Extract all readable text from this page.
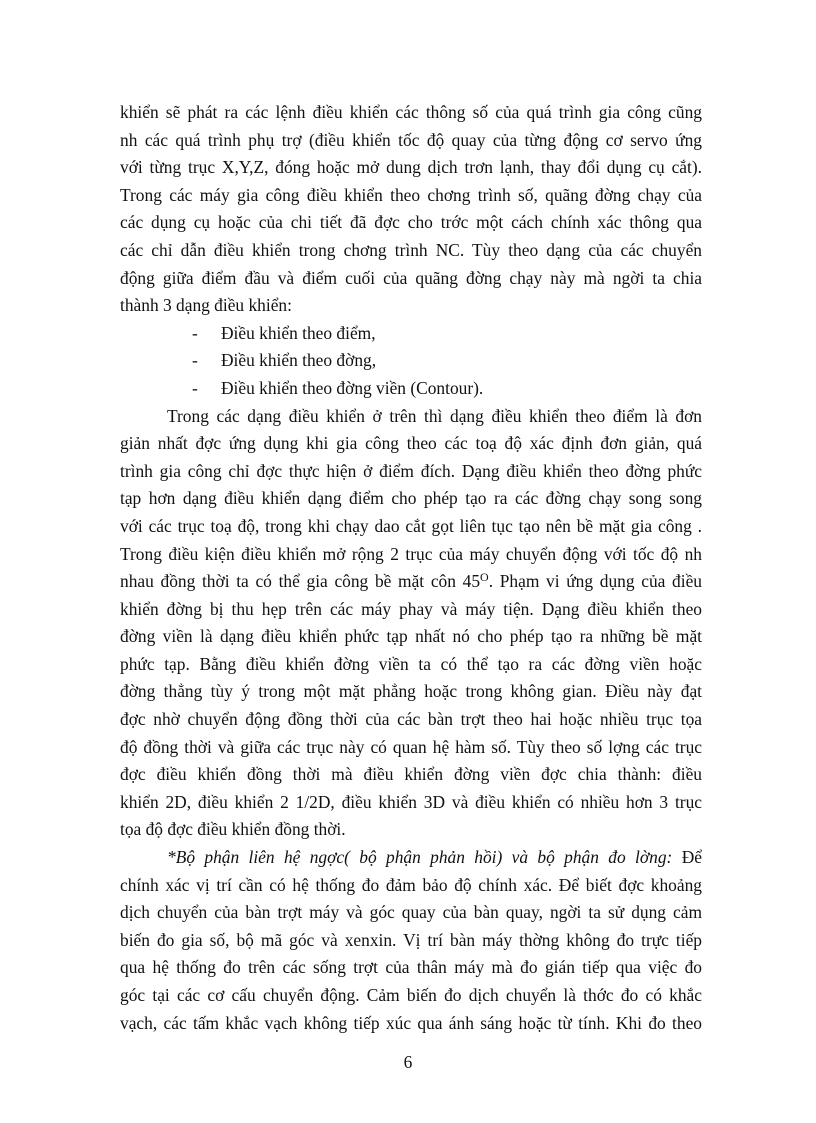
khiển sẽ phát ra các lệnh điều khiển các thông số của quá trình gia công cũng
nh các quá trình phụ trợ (điều khiển tốc độ quay của từng động cơ servo ứng
với từng trục X,Y,Z, đóng hoặc mở dung dịch trơn lạnh, thay đổi dụng cụ cắt).
Trong các máy gia công điều khiển theo chơng trình số, quãng đờng chạy của
các dụng cụ hoặc của chi tiết đã đợc cho trớc một cách chính xác thông qua
các chỉ dẫn điều khiển trong chơng trình NC. Tùy theo dạng của các chuyển
động giữa điểm đầu và điểm cuối của quãng đờng chạy này mà ngời ta chia
thành 3 dạng điều khiển:
- Điều khiển theo điểm,
- Điều khiển theo đờng,
- Điều khiển theo đờng viền (Contour).
Trong các dạng điều khiển ở trên thì dạng điều khiển theo điểm là đơn
giản nhất đợc ứng dụng khi gia công theo các toạ độ xác định đơn giản, quá
trình gia công chỉ đợc thực hiện ở điểm đích. Dạng điều khiển theo đờng phức
tạp hơn dạng điều khiển dạng điểm cho phép tạo ra các đờng chạy song song
với các trục toạ độ, trong khi chạy dao cắt gọt liên tục tạo nên bề mặt gia công .
Trong điều kiện điều khiển mở rộng 2 trục của máy chuyển động với tốc độ nh
nhau đồng thời ta có thể gia công bề mặt côn $45^O$. Phạm vi ứng dụng của điều
khiển đờng bị thu hẹp trên các máy phay và máy tiện. Dạng điều khiển theo
đờng viền là dạng điều khiển phức tạp nhất nó cho phép tạo ra những bề mặt
phức tạp. Bằng điều khiển đờng viền ta có thể tạo ra các đờng viền hoặc
đờng thẳng tùy ý trong một mặt phẳng hoặc trong không gian. Điều này đạt
đợc nhờ chuyển động đồng thời của các bàn trợt theo hai hoặc nhiều trục tọa
độ đồng thời và giữa các trục này có quan hệ hàm số. Tùy theo số lợng các trục
đợc điều khiển đồng thời mà điều khiển đờng viền đợc chia thành: điều
khiển 2D, điều khiển 2 1/2D, điều khiển 3D và điều khiển có nhiều hơn 3 trục
tọa độ đợc điều khiển đồng thời.
*Bộ phận liên hệ ngợc( bộ phận phản hồi) và bộ phận đo lờng: Để
chính xác vị trí cần có hệ thống đo đảm bảo độ chính xác. Để biết đợc khoảng
dịch chuyển của bàn trợt máy và góc quay của bàn quay, ngời ta sử dụng cảm
biến đo gia số, bộ mã góc và xenxin. Vị trí bàn máy thờng không đo trực tiếp
qua hệ thống đo trên các sống trợt của thân máy mà đo gián tiếp qua việc đo
góc tại các cơ cấu chuyển động. Cảm biến đo dịch chuyển là thớc đo có khắc
vạch, các tấm khắc vạch không tiếp xúc qua ánh sáng hoặc từ tính. Khi đo theo
6
